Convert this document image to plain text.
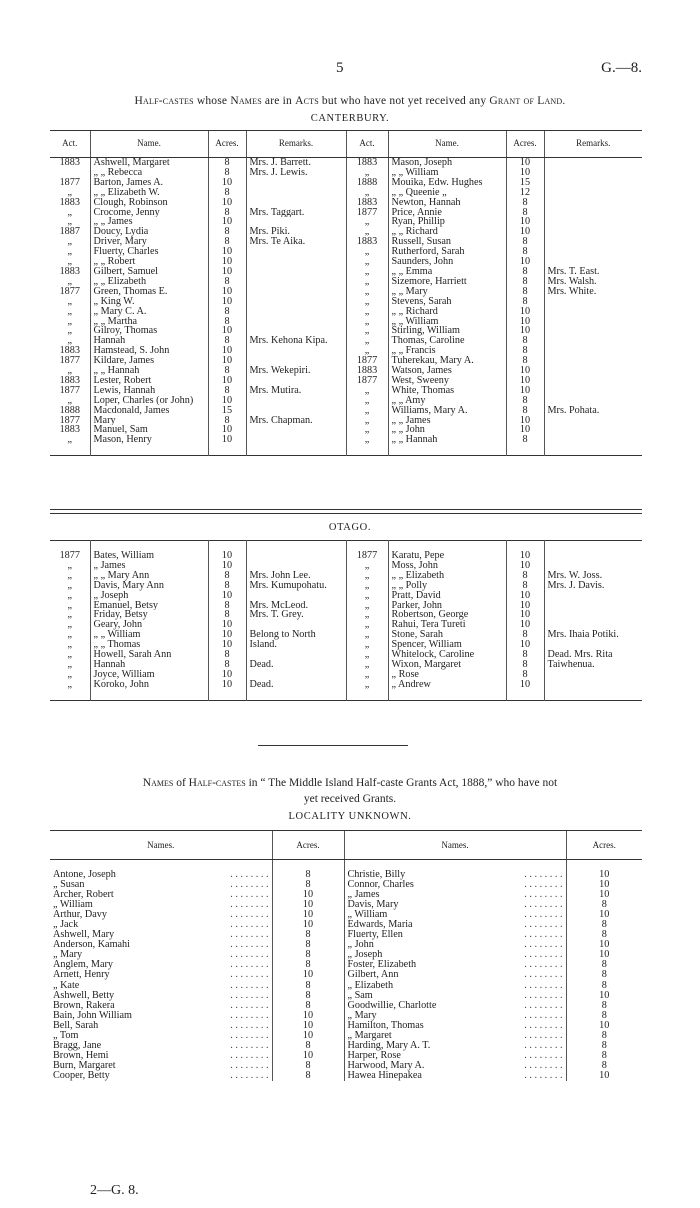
5	G.—8.
Half-castes whose Names are in Acts but who have not yet received any Grant of Land.
CANTERBURY.
Act.	Name.	Acres.	Remarks.	Act.	Name.	Acres.	Remarks.
1883	Ashwell, Margaret	8	Mrs. J. Barrett.	1883	Mason, Joseph	10	
	„ „ Rebecca	8	Mrs. J. Lewis.	„	„ „ William	10	
1877	Barton, James A.	10		1888	Mouika, Edw. Hughes	15	
„	„ „ Elizabeth W.	8		„	„ „ Queenie „	12	
1883	Clough, Robinson	10		1883	Newton, Hannah	8	
„	Crocome, Jenny	8	Mrs. Taggart.	1877	Price, Annie	8	
„	„ „ James	10		„	Ryan, Phillip	10	
1887	Doucy, Lydia	8	Mrs. Piki.	„	„ „ Richard	10	
„	Driver, Mary	8	Mrs. Te Aika.	1883	Russell, Susan	8	
„	Fluerty, Charles	10		„	Rutherford, Sarah	8	
„	„ „ Robert	10		„	Saunders, John	10	
1883	Gilbert, Samuel	10		„	„ „ Emma	8	Mrs. T. East.
„	„ „ Elizabeth	8		„	Sizemore, Harriett	8	Mrs. Walsh.
1877	Green, Thomas E.	10		„	„ „ Mary	8	Mrs. White.
„	„ King W.	10		„	Stevens, Sarah	8	
„	„ Mary C. A.	8		„	„ „ Richard	10	
„	„ „ Martha	8		„	„ „ William	10	
„	Gilroy, Thomas	10		„	Stirling, William	10	
„	Hannah	8	Mrs. Kehona Kipa.	„	Thomas, Caroline	8	
1883	Hamstead, S. John	10		„	„ „ Francis	8	
1877	Kildare, James	10		1877	Tuherekau, Mary A.	8	
„	„ „ Hannah	8	Mrs. Wekepiri.	1883	Watson, James	10	
1883	Lester, Robert	10		1877	West, Sweeny	10	
1877	Lewis, Hannah	8	Mrs. Mutira.	„	White, Thomas	10	
„	Loper, Charles (or John)	10		„	„ „ Amy	8	
1888	Macdonald, James	15		„	Williams, Mary A.	8	Mrs. Pohata.
1877	Mary	8	Mrs. Chapman.	„	„ „ James	10	
1883	Manuel, Sam	10		„	„ „ John	10	
„	Mason, Henry	10		„	„ „ Hannah	8	

OTAGO.

1877	Bates, William	10		1877	Karatu, Pepe	10	
„	„ James	10		„	Moss, John	10	
„	„ „ Mary Ann	8	Mrs. John Lee.	„	„ „ Elizabeth	8	Mrs. W. Joss.
„	Davis, Mary Ann	8	Mrs. Kumupohatu.	„	„ „ Polly	8	Mrs. J. Davis.
„	„ Joseph	10		„	Pratt, David	10	
„	Emanuel, Betsy	8	Mrs. McLeod.	„	Parker, John	10	
„	Friday, Betsy	8	Mrs. T. Grey.	„	Robertson, George	10	
„	Geary, John	10		„	Rahui, Tera Tureti	10	
„	„ „ William	10	Belong to North	„	Stone, Sarah	8	Mrs. Ihaia Potiki.
„	„ „ Thomas	10	Island.	„	Spencer, William	10	
„	Howell, Sarah Ann	8		„	Whitelock, Caroline	8	Dead. Mrs. Rita
„	Hannah	8	Dead.	„	Wixon, Margaret	8	Taiwhenua.
„	Joyce, William	10		„	„ Rose	8	
„	Koroko, John	10	Dead.	„	„ Andrew	10	

Names of Half-castes in “ The Middle Island Half-caste Grants Act, 1888,” who have not
yet received Grants.
LOCALITY UNKNOWN.
Names.	Acres.	Names.	Acres.

Antone, Joseph . . . . . . . .	8	Christie, Billy . . . . . . . .	10
„ Susan . . . . . . . .	8	Connor, Charles . . . . . . . .	10
Archer, Robert . . . . . . . .	10	„ James . . . . . . . .	10
„ William . . . . . . . .	10	Davis, Mary . . . . . . . .	8
Arthur, Davy . . . . . . . .	10	„ William . . . . . . . .	10
„ Jack . . . . . . . .	10	Edwards, Maria . . . . . . . .	8
Ashwell, Mary . . . . . . . .	8	Fluerty, Ellen . . . . . . . .	8
Anderson, Kamahi . . . . . . . .	8	„ John . . . . . . . .	10
„ Mary . . . . . . . .	8	„ Joseph . . . . . . . .	10
Anglem, Mary . . . . . . . .	8	Foster, Elizabeth . . . . . . . .	8
Arnett, Henry . . . . . . . .	10	Gilbert, Ann . . . . . . . .	8
„ Kate . . . . . . . .	8	„ Elizabeth . . . . . . . .	8
Ashwell, Betty . . . . . . . .	8	„ Sam . . . . . . . .	10
Brown, Rakera . . . . . . . .	8	Goodwillie, Charlotte . . . . . . . .	8
Bain, John William . . . . . . . .	10	„ Mary . . . . . . . .	8
Bell, Sarah . . . . . . . .	10	Hamilton, Thomas . . . . . . . .	10
„ Tom . . . . . . . .	10	„ Margaret . . . . . . . .	8
Bragg, Jane . . . . . . . .	8	Harding, Mary A. T. . . . . . . . .	8
Brown, Hemi . . . . . . . .	10	Harper, Rose . . . . . . . .	8
Burn, Margaret . . . . . . . .	8	Harwood, Mary A. . . . . . . . .	8
Cooper, Betty . . . . . . . .	8	Hawea Hinepakea . . . . . . . .	10
2—G. 8.
